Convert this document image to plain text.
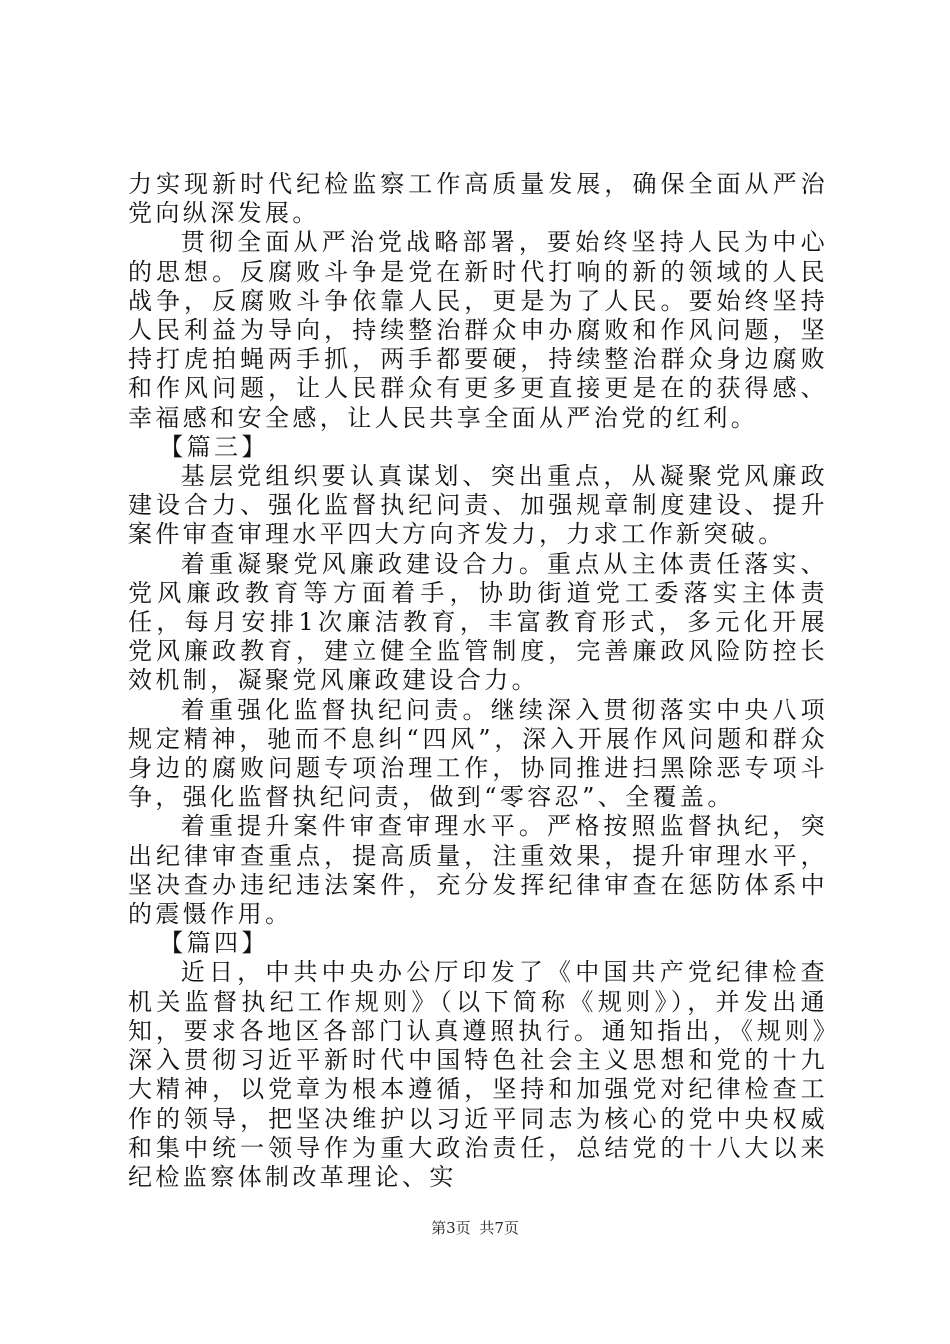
力实现新时代纪检监察工作高质量发展，确保全面从严治党向纵深发展。

贯彻全面从严治党战略部署，要始终坚持人民为中心的思想。反腐败斗争是党在新时代打响的新的领域的人民战争，反腐败斗争依靠人民，更是为了人民。要始终坚持人民利益为导向，持续整治群众申办腐败和作风问题，坚持打虎拍蝇两手抓，两手都要硬，持续整治群众身边腐败和作风问题，让人民群众有更多更直接更是在的获得感、幸福感和安全感，让人民共享全面从严治党的红利。

【篇三】

基层党组织要认真谋划、突出重点，从凝聚党风廉政建设合力、强化监督执纪问责、加强规章制度建设、提升案件审查审理水平四大方向齐发力，力求工作新突破。

着重凝聚党风廉政建设合力。重点从主体责任落实、党风廉政教育等方面着手，协助街道党工委落实主体责任，每月安排1次廉洁教育，丰富教育形式，多元化开展党风廉政教育，建立健全监管制度，完善廉政风险防控长效机制，凝聚党风廉政建设合力。

着重强化监督执纪问责。继续深入贯彻落实中央八项规定精神，驰而不息纠“四风”，深入开展作风问题和群众身边的腐败问题专项治理工作，协同推进扫黑除恶专项斗争，强化监督执纪问责，做到“零容忍”、全覆盖。

着重提升案件审查审理水平。严格按照监督执纪，突出纪律审查重点，提高质量，注重效果，提升审理水平，坚决查办违纪违法案件，充分发挥纪律审查在惩防体系中的震慑作用。

【篇四】

近日，中共中央办公厅印发了《中国共产党纪律检查机关监督执纪工作规则》（以下简称《规则》），并发出通知，要求各地区各部门认真遵照执行。通知指出，《规则》深入贯彻习近平新时代中国特色社会主义思想和党的十九大精神，以党章为根本遵循，坚持和加强党对纪律检查工作的领导，把坚决维护以习近平同志为核心的党中央权威和集中统一领导作为重大政治责任，总结党的十八大以来纪检监察体制改革理论、实

第3页 共7页
